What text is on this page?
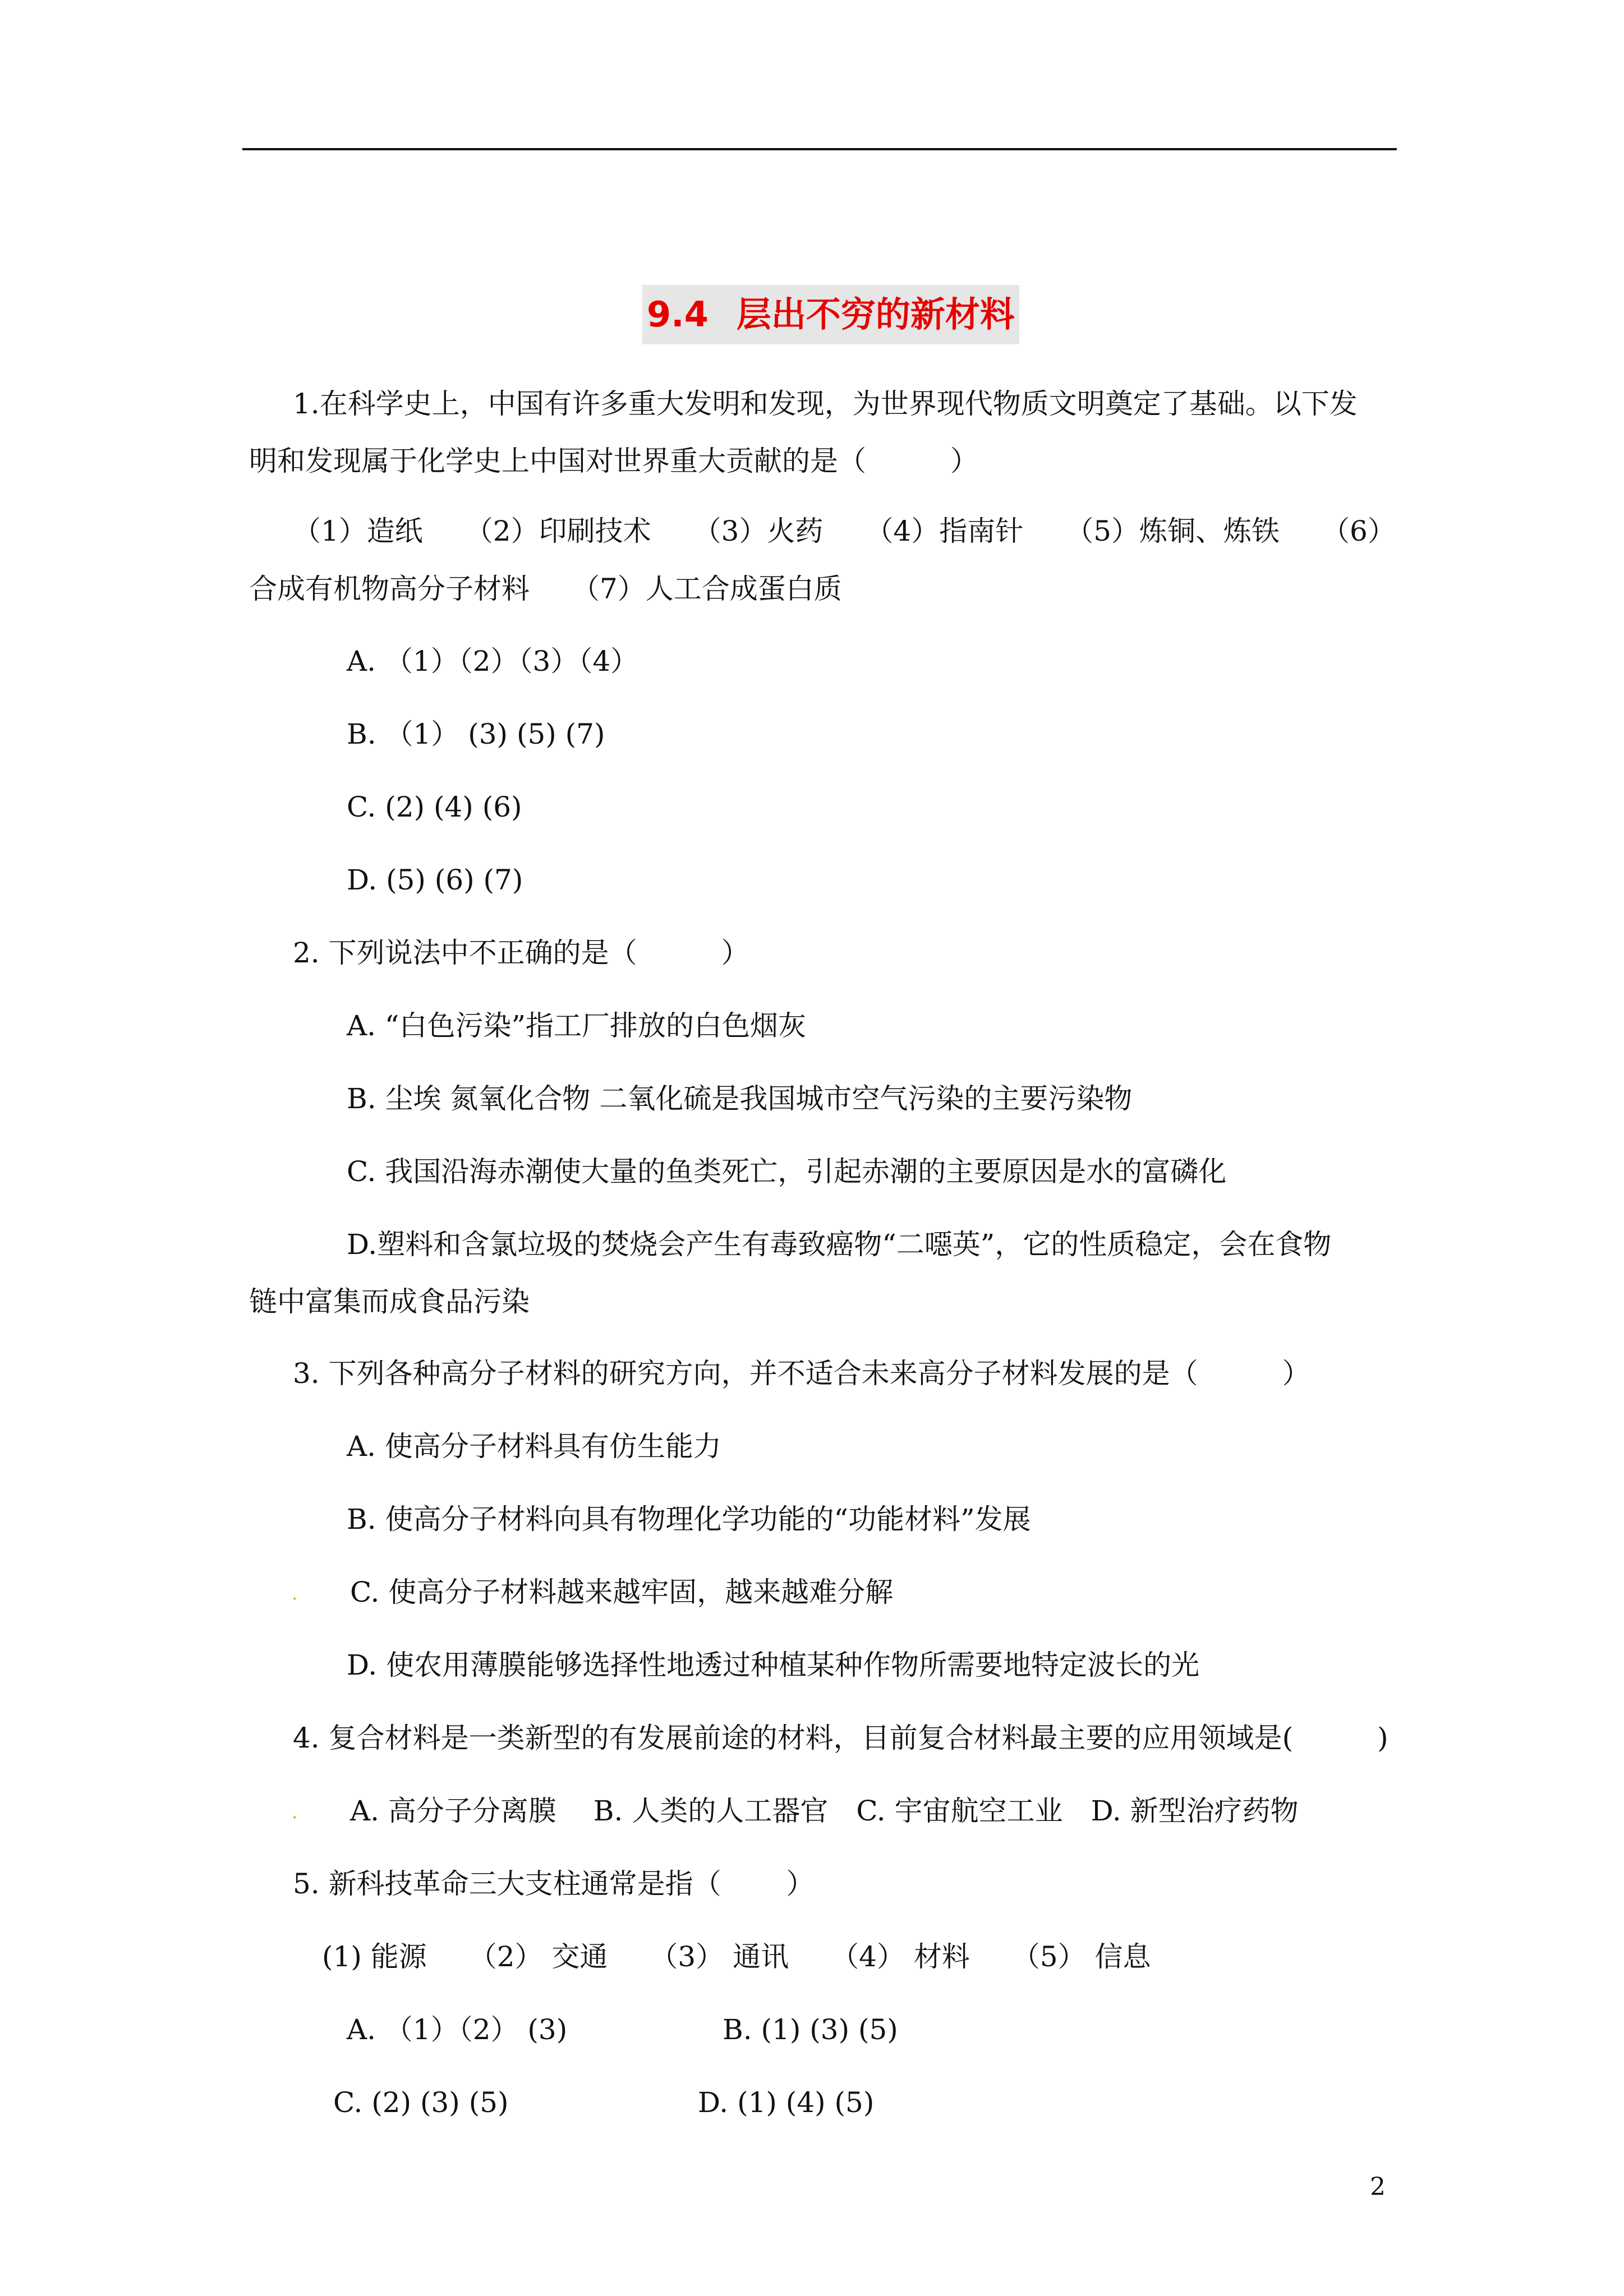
9.4 层出不穷的新材料
1.在科学史上，中国有许多重大发明和发现，为世界现代物质文明奠定了基础。以下发
明和发现属于化学史上中国对世界重大贡献的是（　　　）
（1）造纸　　（2）印刷技术　　（3）火药　　（4）指南针　　（5）炼铜、炼铁　　（6）
合成有机物高分子材料　　（7）人工合成蛋白质
A. （1）（2）（3）（4）
B. （1） (3) (5) (7)
C. (2) (4) (6)
D. (5) (6) (7)
2. 下列说法中不正确的是（　　　）
A. “白色污染”指工厂排放的白色烟灰
B. 尘埃 氮氧化合物 二氧化硫是我国城市空气污染的主要污染物
C. 我国沿海赤潮使大量的鱼类死亡，引起赤潮的主要原因是水的富磷化
D.塑料和含氯垃圾的焚烧会产生有毒致癌物“二噁英”，它的性质稳定，会在食物
链中富集而成食品污染
3. 下列各种高分子材料的研究方向，并不适合未来高分子材料发展的是（　　　）
A. 使高分子材料具有仿生能力
B. 使高分子材料向具有物理化学功能的“功能材料”发展
. C. 使高分子材料越来越牢固，越来越难分解
D. 使农用薄膜能够选择性地透过种植某种作物所需要地特定波长的光
4. 复合材料是一类新型的有发展前途的材料，目前复合材料最主要的应用领域是(　　　)
. A. 高分子分离膜　 B. 人类的人工器官　C. 宇宙航空工业　D. 新型治疗药物
5. 新科技革命三大支柱通常是指（　　 ）
(1) 能源　　（2） 交通　　（3） 通讯　　（4） 材料　　（5） 信息
A. （1）（2） (3)	B. (1) (3) (5)
C. (2) (3) (5)	D. (1) (4) (5)
2
